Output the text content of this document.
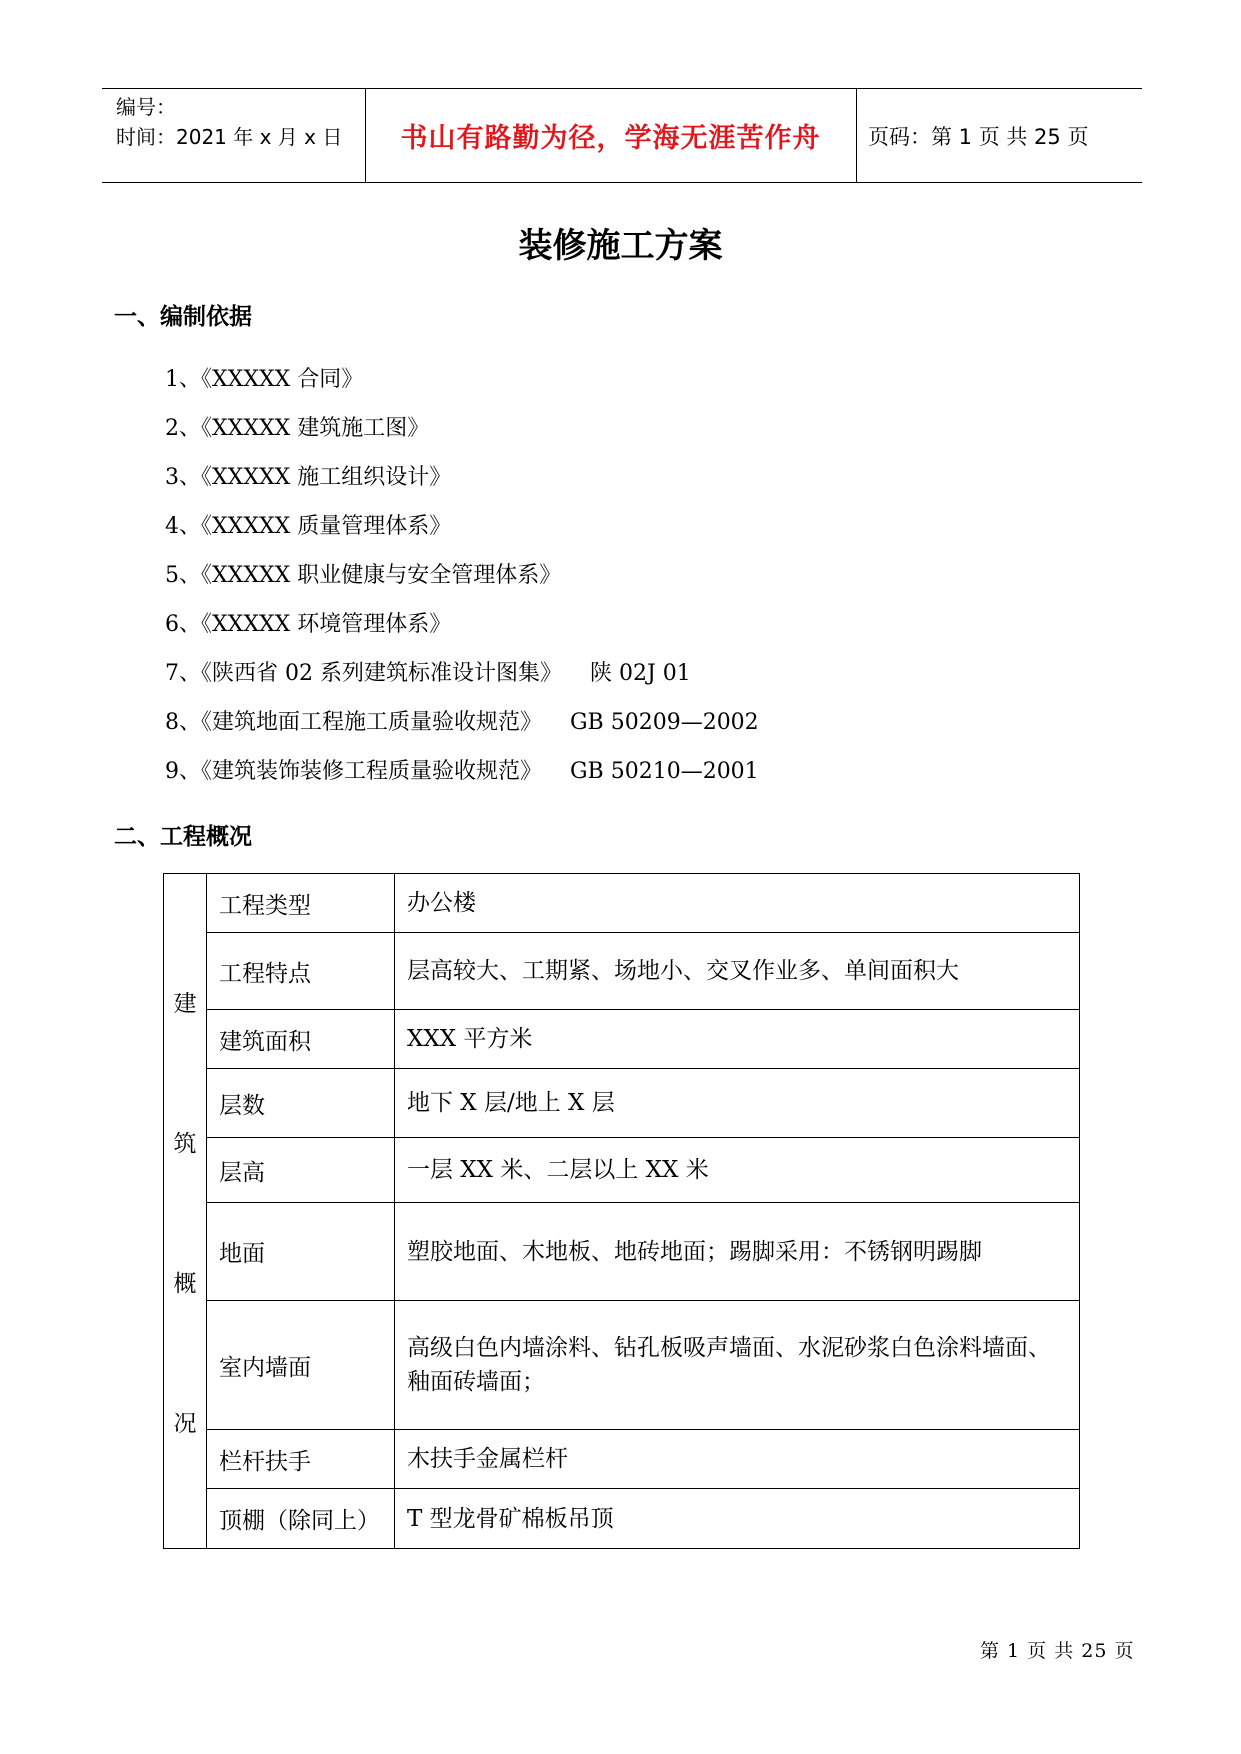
编号：
时间：2021 年 x 月 x 日	书山有路勤为径，学海无涯苦作舟	页码：第 1 页 共 25 页
装修施工方案
一、编制依据
1、《XXXXX 合同》
2、《XXXXX 建筑施工图》
3、《XXXXX 施工组织设计》
4、《XXXXX 质量管理体系》
5、《XXXXX 职业健康与安全管理体系》
6、《XXXXX 环境管理体系》
7、《陕西省 02 系列建筑标准设计图集》    陕 02J 01
8、《建筑地面工程施工质量验收规范》    GB 50209—2002
9、《建筑装饰装修工程质量验收规范》    GB 50210—2001
二、工程概况
建
筑
概
况	工程类型	办公楼
	工程特点	层高较大、工期紧、场地小、交叉作业多、单间面积大
	建筑面积	XXX 平方米
	层数	地下 X 层/地上 X 层
	层高	一层 XX 米、二层以上 XX 米
	地面	塑胶地面、木地板、地砖地面；踢脚采用：不锈钢明踢脚
	室内墙面	高级白色内墙涂料、钻孔板吸声墙面、水泥砂浆白色涂料墙面、釉面砖墙面；
	栏杆扶手	木扶手金属栏杆
	顶棚（除同上）	T 型龙骨矿棉板吊顶
第 1 页 共 25 页
